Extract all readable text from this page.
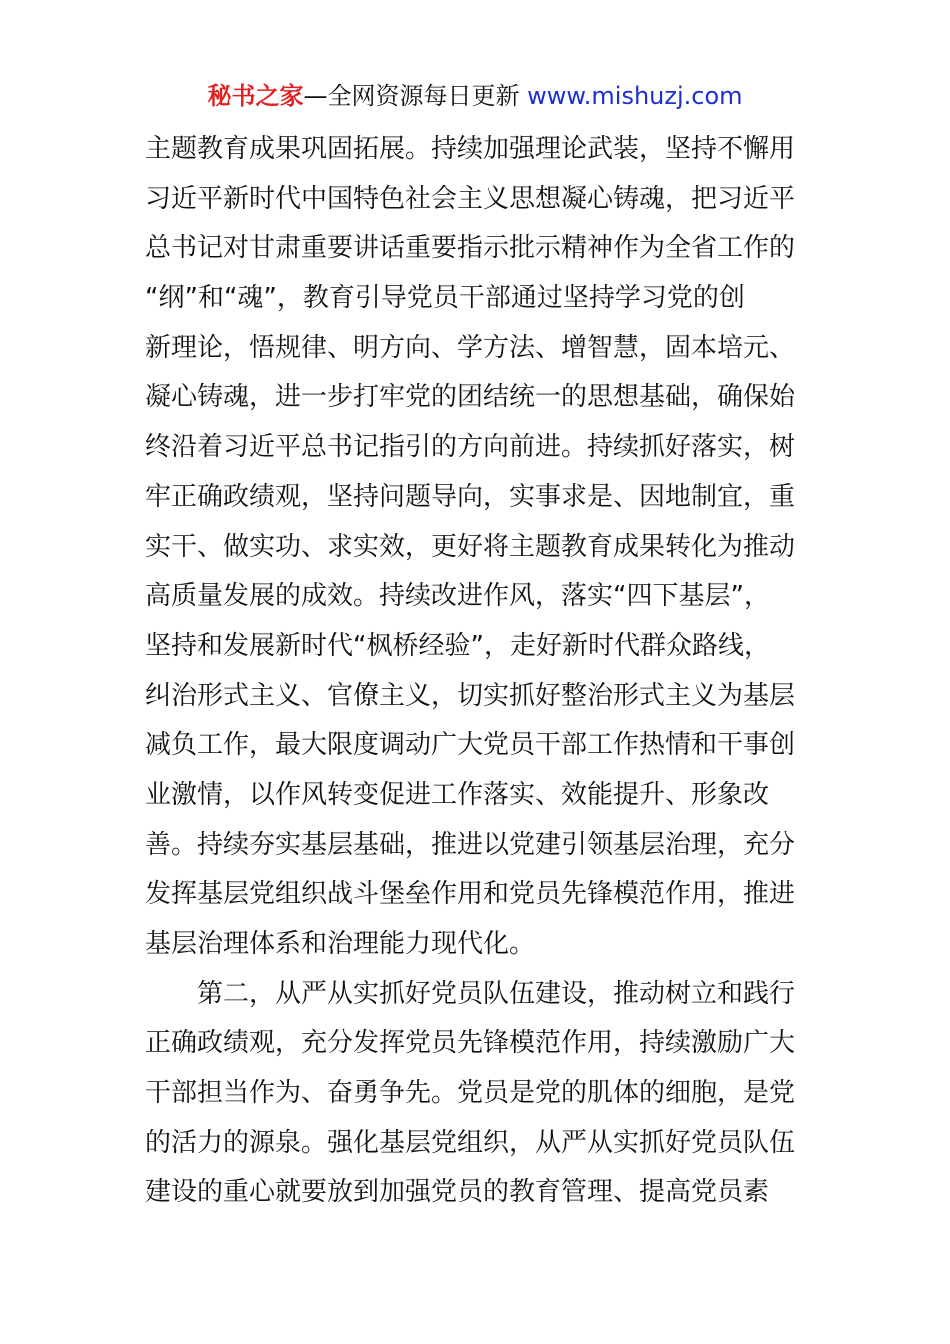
秘书之家—全网资源每日更新 www.mishuzj.com
主题教育成果巩固拓展。持续加强理论武装，坚持不懈用
习近平新时代中国特色社会主义思想凝心铸魂，把习近平
总书记对甘肃重要讲话重要指示批示精神作为全省工作的
“纲”和“魂”，教育引导党员干部通过坚持学习党的创
新理论，悟规律、明方向、学方法、增智慧，固本培元、
凝心铸魂，进一步打牢党的团结统一的思想基础，确保始
终沿着习近平总书记指引的方向前进。持续抓好落实，树
牢正确政绩观，坚持问题导向，实事求是、因地制宜，重
实干、做实功、求实效，更好将主题教育成果转化为推动
高质量发展的成效。持续改进作风，落实“四下基层”，
坚持和发展新时代“枫桥经验”，走好新时代群众路线，
纠治形式主义、官僚主义，切实抓好整治形式主义为基层
减负工作，最大限度调动广大党员干部工作热情和干事创
业激情，以作风转变促进工作落实、效能提升、形象改
善。持续夯实基层基础，推进以党建引领基层治理，充分
发挥基层党组织战斗堡垒作用和党员先锋模范作用，推进
基层治理体系和治理能力现代化。
　　第二，从严从实抓好党员队伍建设，推动树立和践行
正确政绩观，充分发挥党员先锋模范作用，持续激励广大
干部担当作为、奋勇争先。党员是党的肌体的细胞，是党
的活力的源泉。强化基层党组织，从严从实抓好党员队伍
建设的重心就要放到加强党员的教育管理、提高党员素
